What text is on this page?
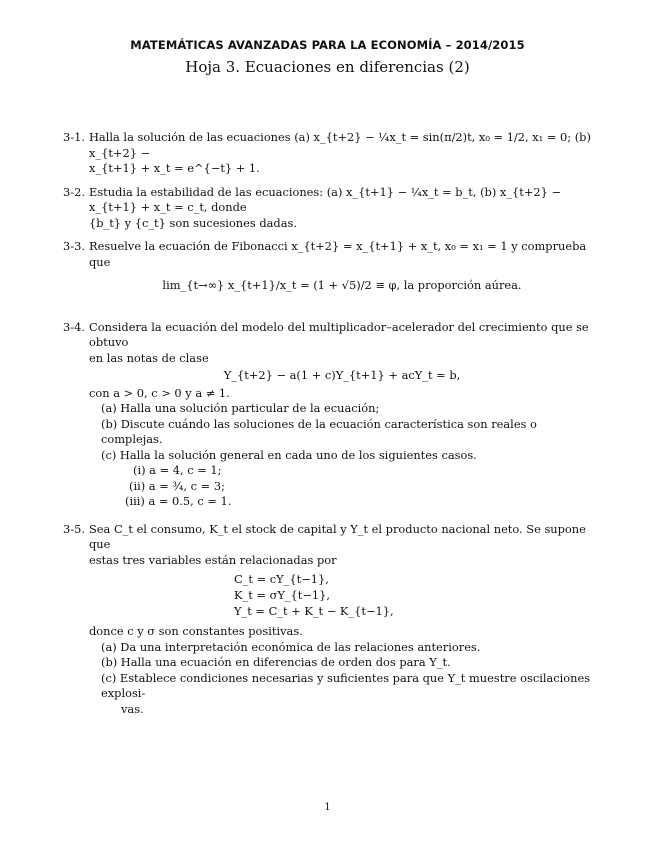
MATEMÁTICAS AVANZADAS PARA LA ECONOMÍA – 2014/2015
Hoja 3. Ecuaciones en diferencias (2)
3-1. Halla la solución de las ecuaciones (a) x_{t+2} − ¼x_t = sin(π/2)t, x₀ = 1/2, x₁ = 0; (b) x_{t+2} −
x_{t+1} + x_t = e^{−t} + 1.
3-2. Estudia la estabilidad de las ecuaciones: (a) x_{t+1} − ¼x_t = b_t, (b) x_{t+2} − x_{t+1} + x_t = c_t, donde
{b_t} y {c_t} son sucesiones dadas.
3-3. Resuelve la ecuación de Fibonacci x_{t+2} = x_{t+1} + x_t, x₀ = x₁ = 1 y comprueba que
lim_{t→∞} x_{t+1}/x_t = (1 + √5)/2 ≡ φ, la proporción aúrea.
3-4. Considera la ecuación del modelo del multiplicador–acelerador del crecimiento que se obtuvo
en las notas de clase
Y_{t+2} − a(1 + c)Y_{t+1} + acY_t = b,
con a > 0, c > 0 y a ≠ 1.
(a) Halla una solución particular de la ecuación;
(b) Discute cuándo las soluciones de la ecuación característica son reales o complejas.
(c) Halla la solución general en cada uno de los siguientes casos.
(i) a = 4, c = 1;
(ii) a = ¾, c = 3;
(iii) a = 0.5, c = 1.
3-5. Sea C_t el consumo, K_t el stock de capital y Y_t el producto nacional neto. Se supone que
estas tres variables están relacionadas por
C_t = cY_{t−1},
K_t = σY_{t−1},
Y_t = C_t + K_t − K_{t−1},
donce c y σ son constantes positivas.
(a) Da una interpretación económica de las relaciones anteriores.
(b) Halla una ecuación en diferencias de orden dos para Y_t.
(c) Establece condiciones necesarias y suficientes para que Y_t muestre oscilaciones explosi-
vas.
1
